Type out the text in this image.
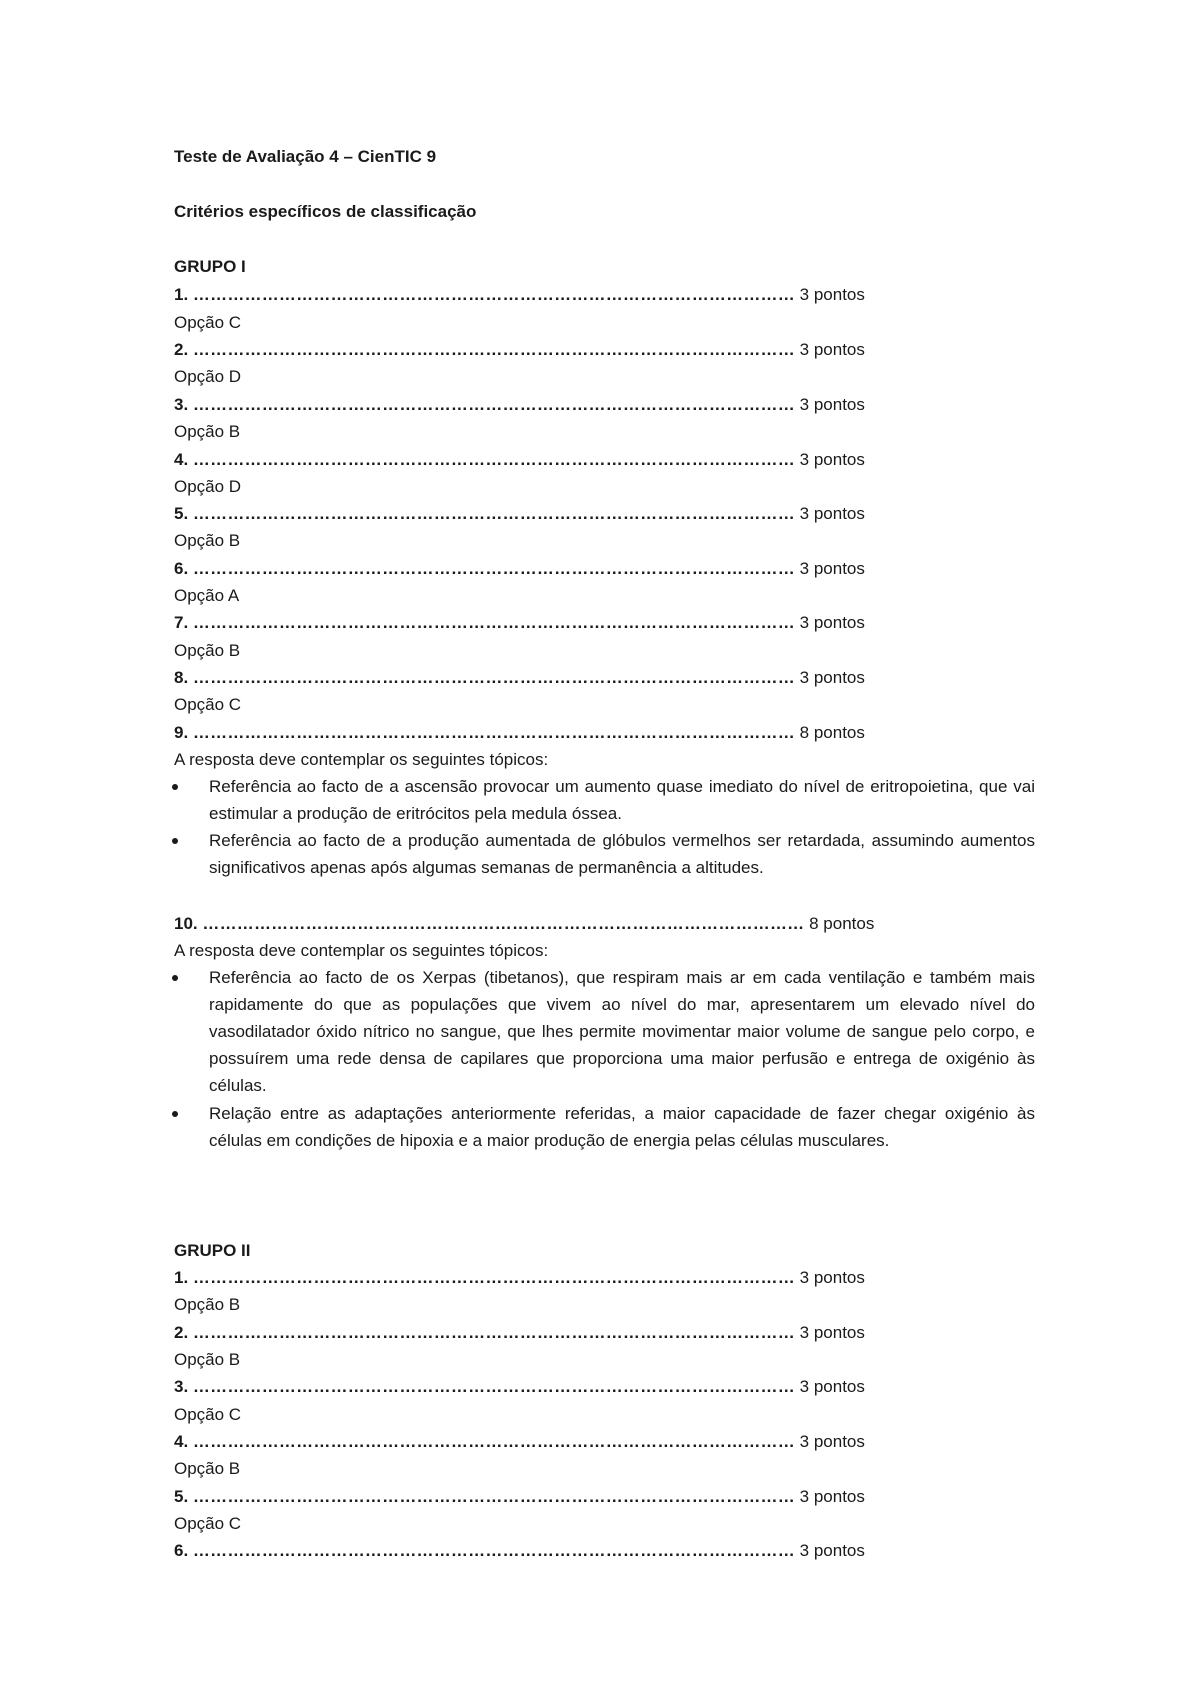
Teste de Avaliação 4 – CienTIC 9
Critérios específicos de classificação
GRUPO I
1. …………………………………………………………………………………………… 3 pontos
Opção C
2. …………………………………………………………………………………………… 3 pontos
Opção D
3. …………………………………………………………………………………………… 3 pontos
Opção B
4. …………………………………………………………………………………………… 3 pontos
Opção D
5. …………………………………………………………………………………………… 3 pontos
Opção B
6. …………………………………………………………………………………………… 3 pontos
Opção A
7. …………………………………………………………………………………………… 3 pontos
Opção B
8. …………………………………………………………………………………………… 3 pontos
Opção C
9. …………………………………………………………………………………………… 8 pontos
A resposta deve contemplar os seguintes tópicos:
Referência ao facto de a ascensão provocar um aumento quase imediato do nível de eritropoietina, que vai estimular a produção de eritrócitos pela medula óssea.
Referência ao facto de a produção aumentada de glóbulos vermelhos ser retardada, assumindo aumentos significativos apenas após algumas semanas de permanência a altitudes.
10. …………………………………………………………………………………………… 8 pontos
A resposta deve contemplar os seguintes tópicos:
Referência ao facto de os Xerpas (tibetanos), que respiram mais ar em cada ventilação e também mais rapidamente do que as populações que vivem ao nível do mar, apresentarem um elevado nível do vasodilatador óxido nítrico no sangue, que lhes permite movimentar maior volume de sangue pelo corpo, e possuírem uma rede densa de capilares que proporciona uma maior perfusão e entrega de oxigénio às células.
Relação entre as adaptações anteriormente referidas, a maior capacidade de fazer chegar oxigénio às células em condições de hipoxia e a maior produção de energia pelas células musculares.
GRUPO II
1. …………………………………………………………………………………………… 3 pontos
Opção B
2. …………………………………………………………………………………………… 3 pontos
Opção B
3. …………………………………………………………………………………………… 3 pontos
Opção C
4. …………………………………………………………………………………………… 3 pontos
Opção B
5. …………………………………………………………………………………………… 3 pontos
Opção C
6. …………………………………………………………………………………………… 3 pontos
